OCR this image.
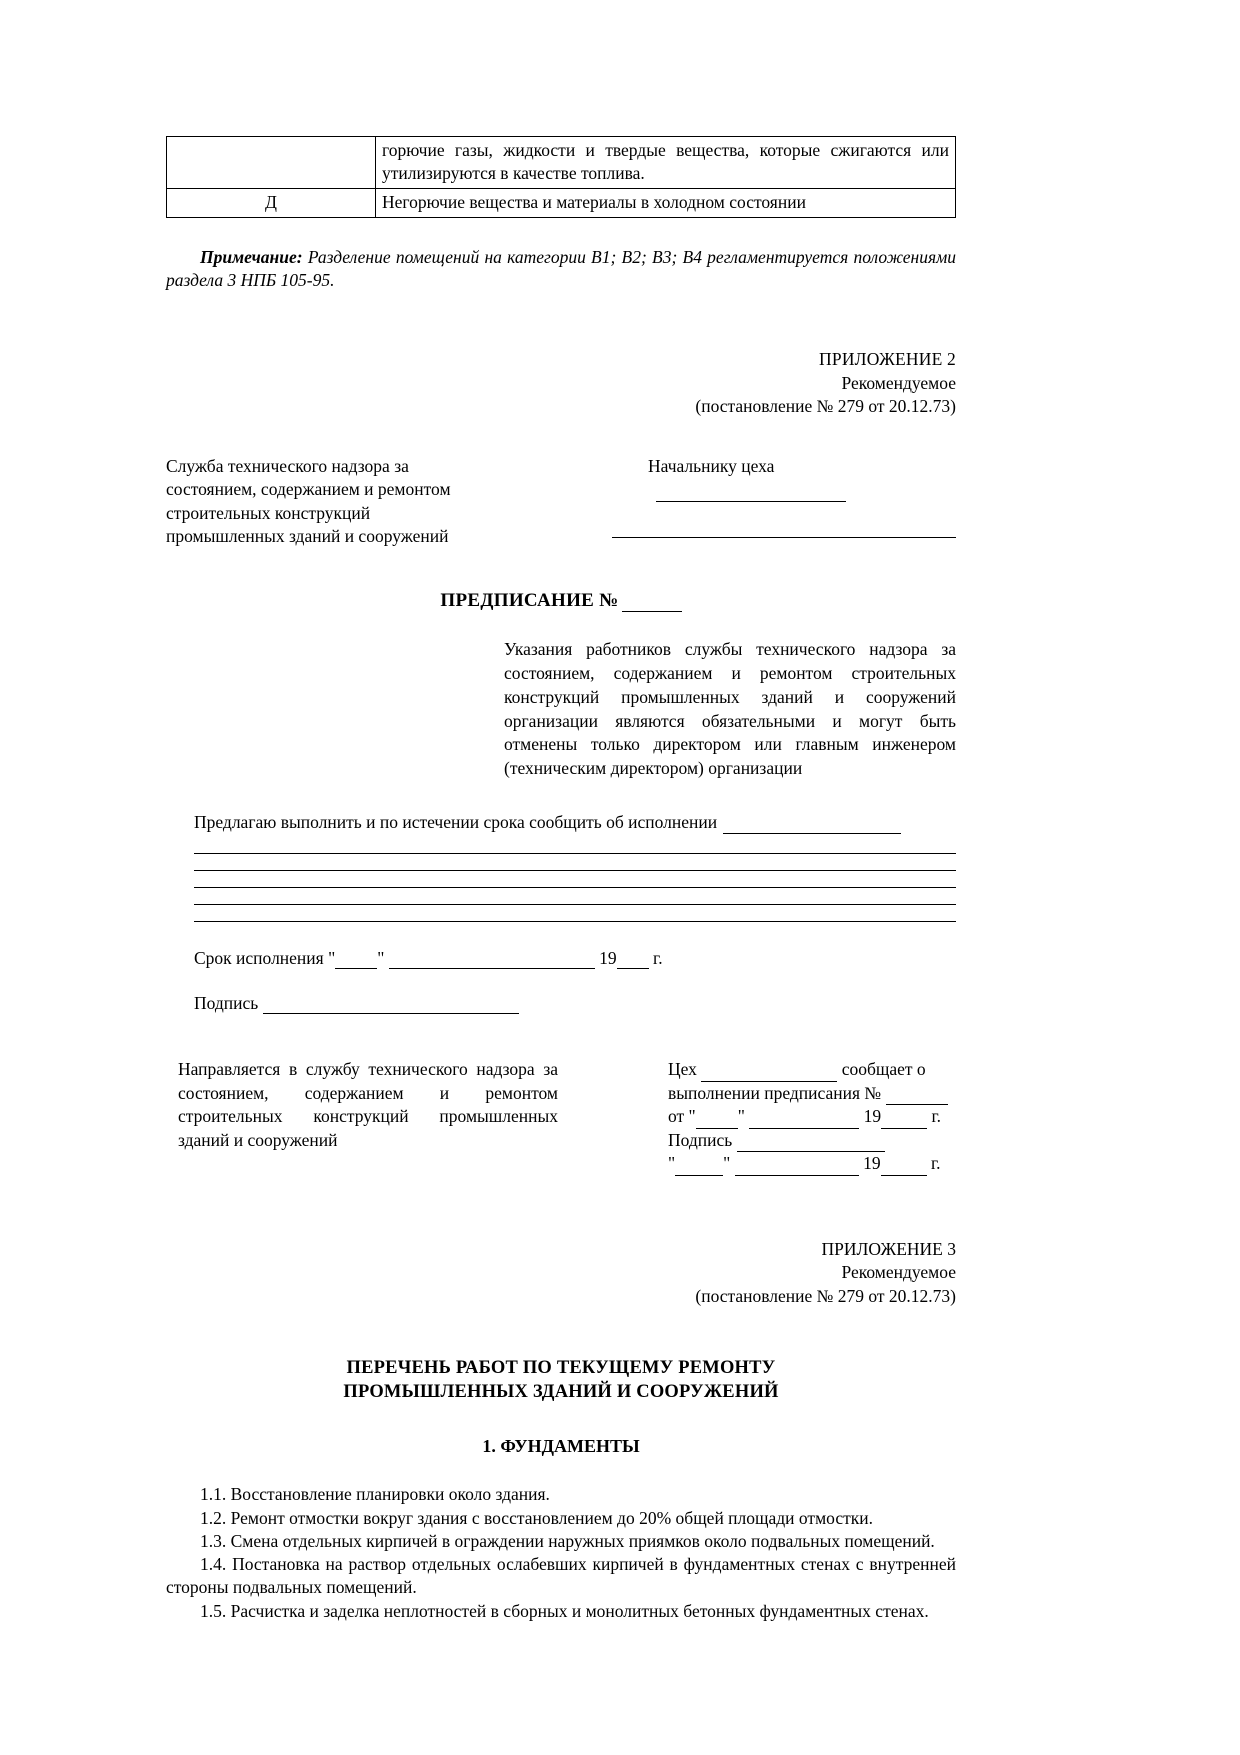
	горючие газы, жидкости и твердые вещества, которые сжигаются или утилизируются в качестве топлива.
Д	Негорючие вещества и материалы в холодном состоянии
Примечание: Разделение помещений на категории В1; В2; В3; В4 регламентируется положениями раздела 3 НПБ 105-95.
ПРИЛОЖЕНИЕ 2
Рекомендуемое
(постановление № 279 от 20.12.73)
Служба технического надзора за
состоянием, содержанием и ремонтом
строительных конструкций
промышленных зданий и сооружений
Начальнику цеха
ПРЕДПИСАНИЕ №
Указания работников службы технического надзора за состоянием, содержанием и ремонтом строительных конструкций промышленных зданий и сооружений организации являются обязательными и могут быть отменены только директором или главным инженером (техническим директором) организации
Предлагаю выполнить и по истечении срока сообщить об исполнении
Срок исполнения " "	19 г.
Подпись
Направляется в службу технического надзора за состоянием, содержанием и ремонтом строительных конструкций промышленных зданий и сооружений
Цех	сообщает о
выполнении предписания №
от " "	19	г.
Подпись
"	"	19	г.
ПРИЛОЖЕНИЕ 3
Рекомендуемое
(постановление № 279 от 20.12.73)
ПЕРЕЧЕНЬ РАБОТ ПО ТЕКУЩЕМУ РЕМОНТУ
ПРОМЫШЛЕННЫХ ЗДАНИЙ И СООРУЖЕНИЙ
1. ФУНДАМЕНТЫ
1.1. Восстановление планировки около здания.
1.2. Ремонт отмостки вокруг здания с восстановлением до 20% общей площади отмостки.
1.3. Смена отдельных кирпичей в ограждении наружных приямков около подвальных помещений.
1.4. Постановка на раствор отдельных ослабевших кирпичей в фундаментных стенах с внутренней стороны подвальных помещений.
1.5. Расчистка и заделка неплотностей в сборных и монолитных бетонных фундаментных стенах.
